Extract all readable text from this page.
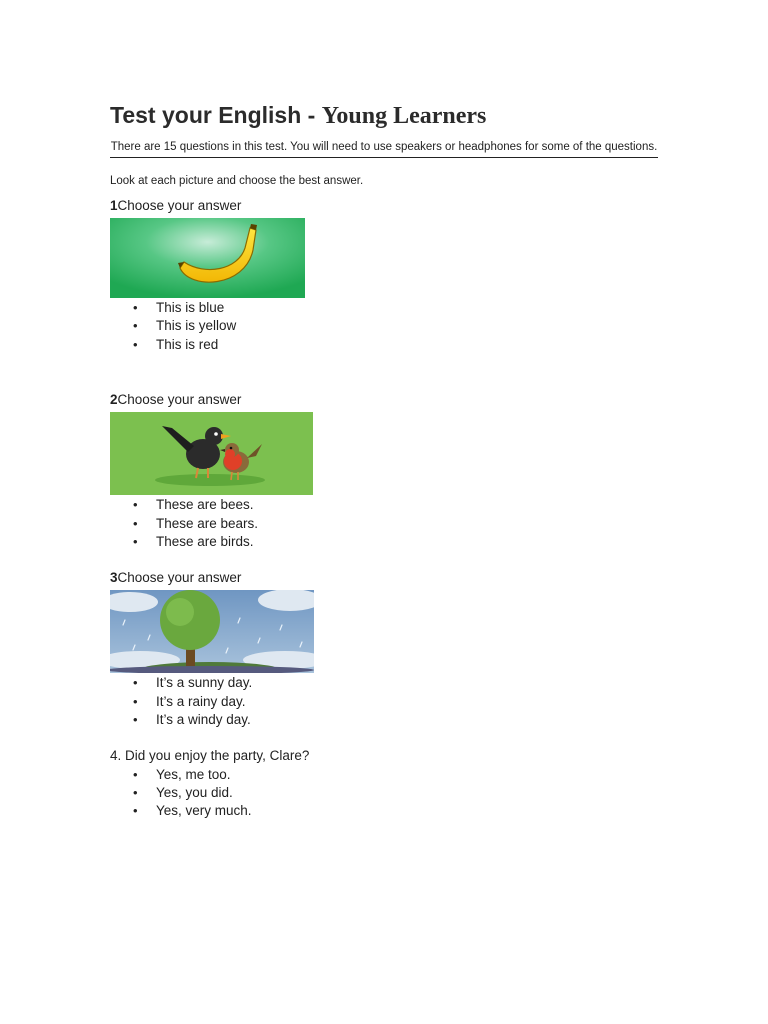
Test your English - Young Learners
There are 15 questions in this test. You will need to use speakers or headphones for some of the questions.
Look at each picture and choose the best answer.

1Choose your answer

• This is blue
• This is yellow
• This is red

2Choose your answer

• These are bees.
• These are bears.
• These are birds.

3Choose your answer

• It’s a sunny day.
• It’s a rainy day.
• It’s a windy day.

4. Did you enjoy the party, Clare?

• Yes, me too.
• Yes, you did.
• Yes, very much.
